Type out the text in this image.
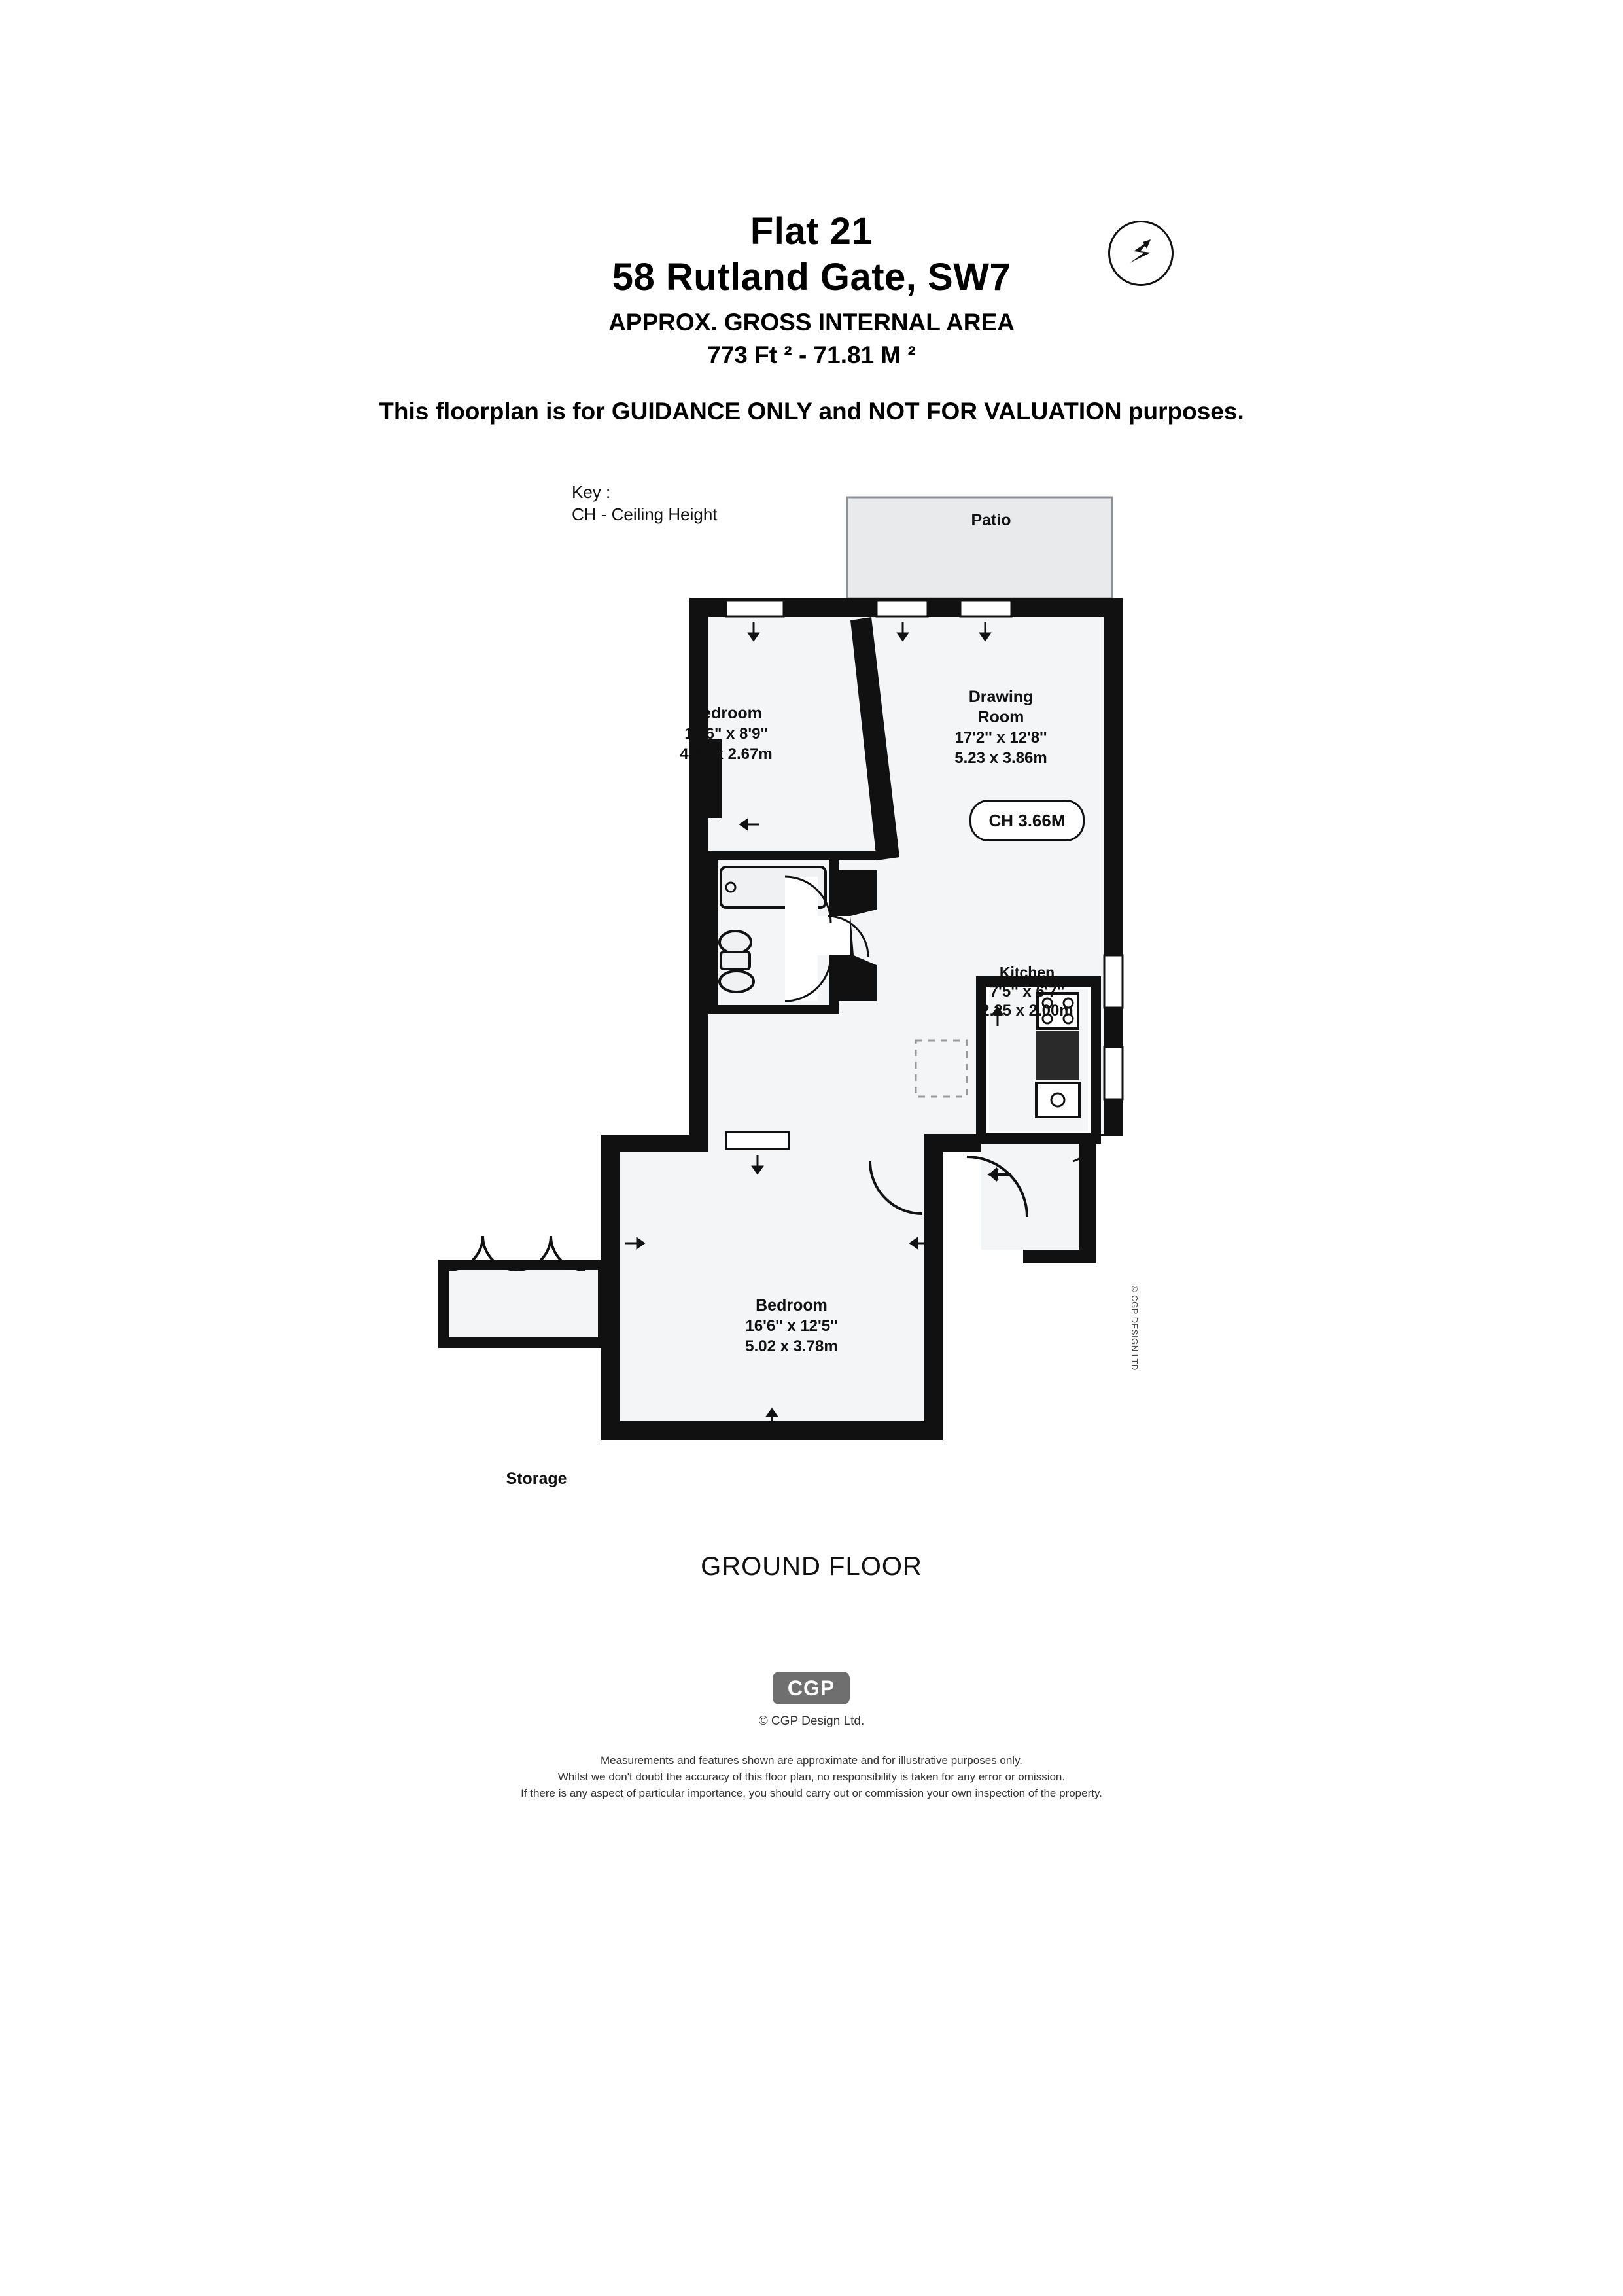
Flat 21
58 Rutland Gate, SW7
APPROX. GROSS INTERNAL AREA
773 Ft ² - 71.81 M ²
This floorplan is for GUIDANCE ONLY and NOT FOR VALUATION purposes.
Key :
CH - Ceiling Height	Patio
Bedroom
14'6" x 8'9"
4.43 x 2.67m
Drawing
Room
17'2'' x 12'8''
5.23 x 3.86m
CH 3.66M
Kitchen
7'5'' x 6'7''
2.25 x 2.00m
Bedroom
16'6'' x 12'5''
5.02 x 3.78m
Storage
© CGP DESIGN LTD
GROUND FLOOR
CGP
© CGP Design Ltd.
Measurements and features shown are approximate and for illustrative purposes only.
Whilst we don't doubt the accuracy of this floor plan, no responsibility is taken for any error or omission.
If there is any aspect of particular importance, you should carry out or commission your own inspection of the property.
